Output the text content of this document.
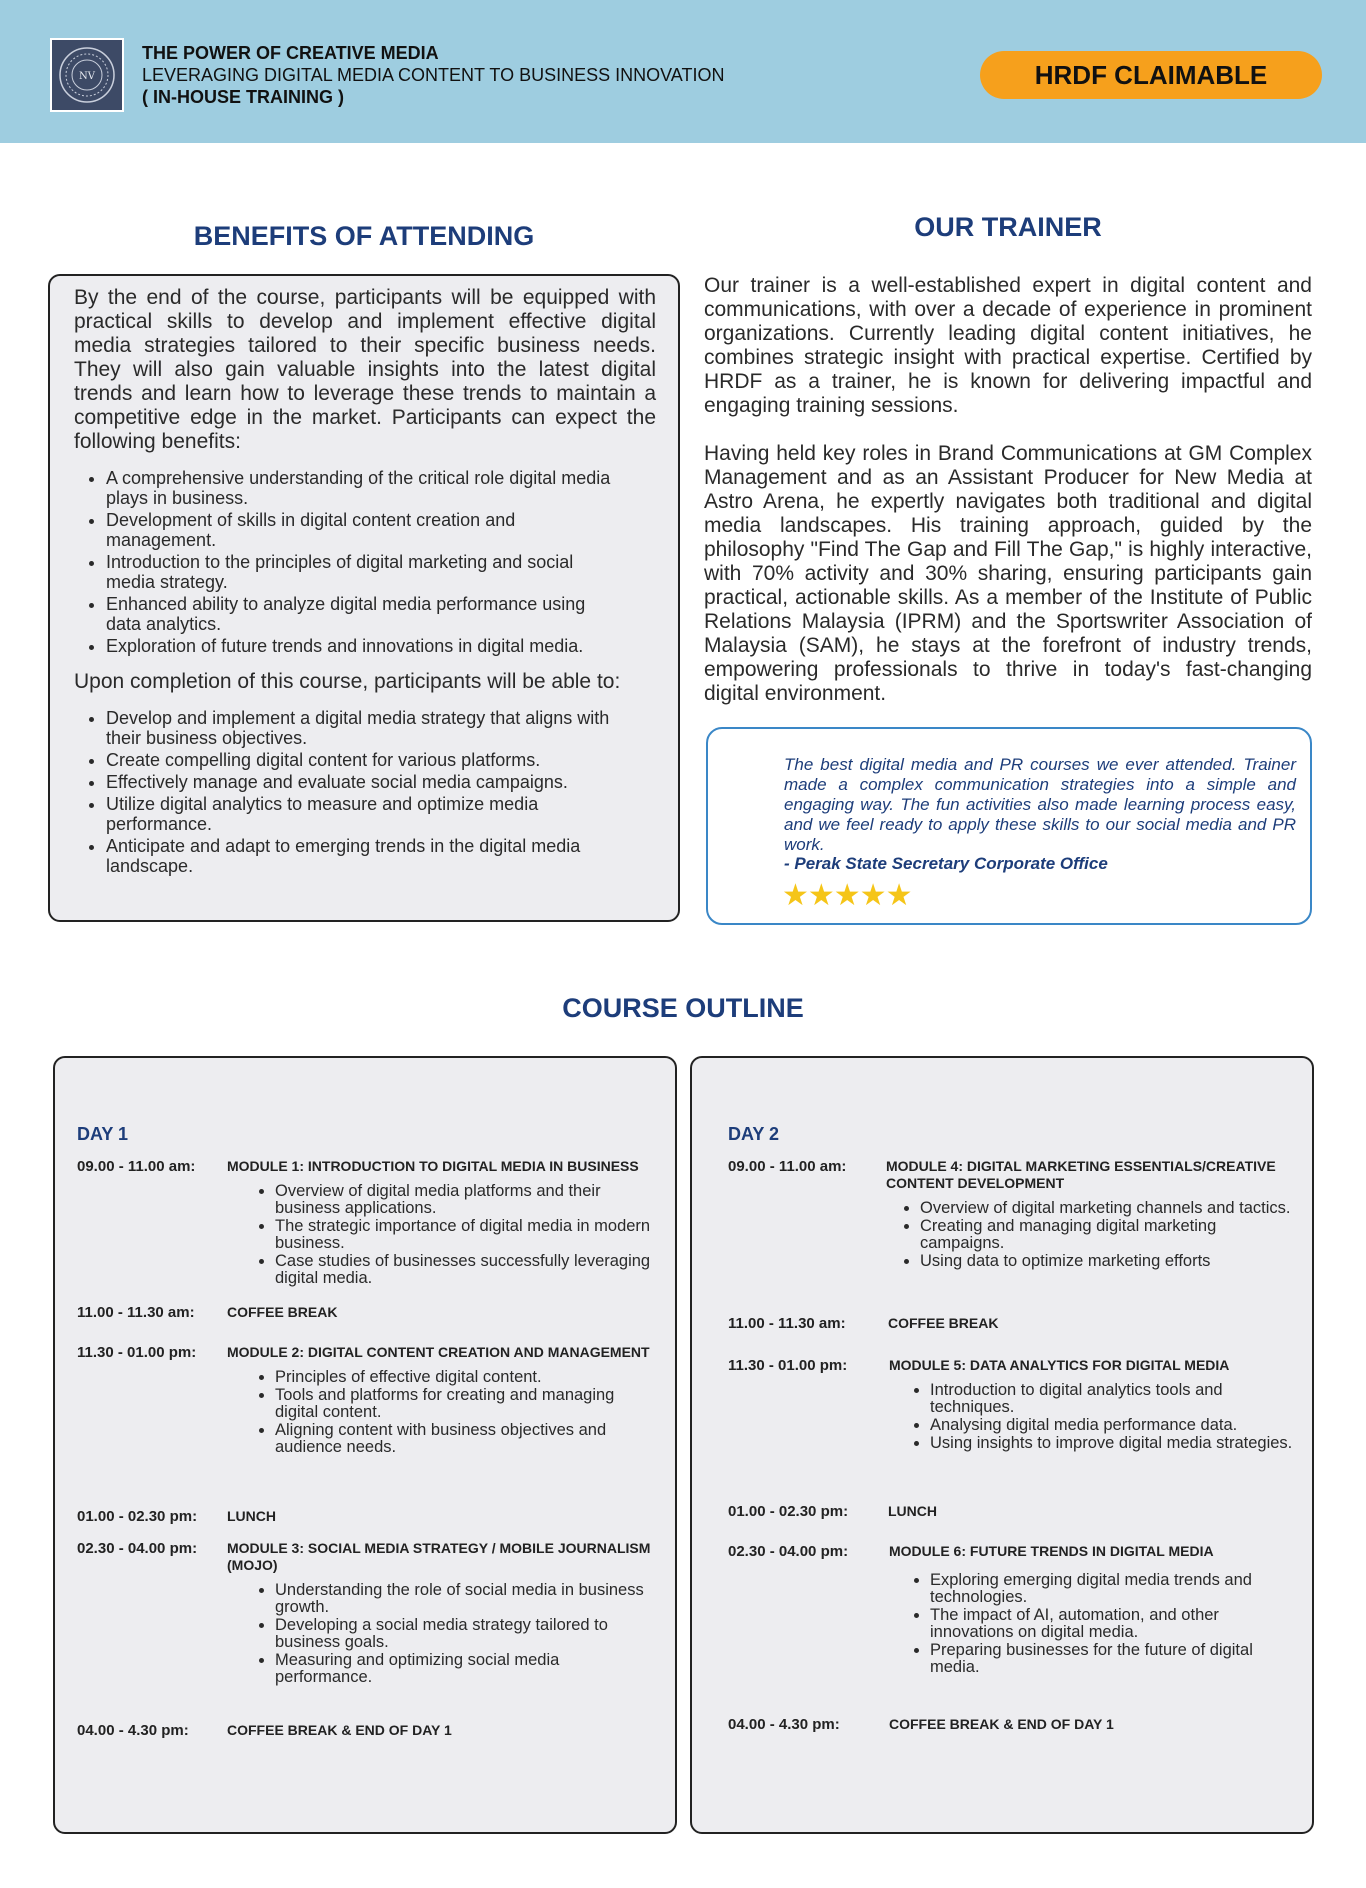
NV
THE POWER OF CREATIVE MEDIA
LEVERAGING DIGITAL MEDIA CONTENT TO BUSINESS INNOVATION
( IN-HOUSE TRAINING )
HRDF CLAIMABLE
BENEFITS OF ATTENDING

By the end of the course, participants will be equipped with practical skills to develop and implement effective digital media strategies tailored to their specific business needs. They will also gain valuable insights into the latest digital trends and learn how to leverage these trends to maintain a competitive edge in the market. Participants can expect the following benefits:

• A comprehensive understanding of the critical role digital media plays in business.
• Development of skills in digital content creation and management.
• Introduction to the principles of digital marketing and social media strategy.
• Enhanced ability to analyze digital media performance using data analytics.
• Exploration of future trends and innovations in digital media.

Upon completion of this course, participants will be able to:

• Develop and implement a digital media strategy that aligns with their business objectives.
• Create compelling digital content for various platforms.
• Effectively manage and evaluate social media campaigns.
• Utilize digital analytics to measure and optimize media performance.
• Anticipate and adapt to emerging trends in the digital media landscape.
OUR TRAINER

Our trainer is a well-established expert in digital content and communications, with over a decade of experience in prominent organizations. Currently leading digital content initiatives, he combines strategic insight with practical expertise. Certified by HRDF as a trainer, he is known for delivering impactful and engaging training sessions.

Having held key roles in Brand Communications at GM Complex Management and as an Assistant Producer for New Media at Astro Arena, he expertly navigates both traditional and digital media landscapes. His training approach, guided by the philosophy "Find The Gap and Fill The Gap," is highly interactive, with 70% activity and 30% sharing, ensuring participants gain practical, actionable skills. As a member of the Institute of Public Relations Malaysia (IPRM) and the Sportswriter Association of Malaysia (SAM), he stays at the forefront of industry trends, empowering professionals to thrive in today's fast-changing digital environment.

The best digital media and PR courses we ever attended. Trainer made a complex communication strategies into a simple and engaging way. The fun activities also made learning process easy, and we feel ready to apply these skills to our social media and PR work.
- Perak State Secretary Corporate Office
★★★★★
COURSE OUTLINE
DAY 1
09.00 - 11.00 am:	MODULE 1: INTRODUCTION TO DIGITAL MEDIA IN BUSINESS
• Overview of digital media platforms and their business applications.
• The strategic importance of digital media in modern business.
• Case studies of businesses successfully leveraging digital media.
11.00 - 11.30 am:	COFFEE BREAK
11.30 - 01.00 pm:	MODULE 2: DIGITAL CONTENT CREATION AND MANAGEMENT
• Principles of effective digital content.
• Tools and platforms for creating and managing digital content.
• Aligning content with business objectives and audience needs.
01.00 - 02.30 pm:	LUNCH
02.30 - 04.00 pm:	MODULE 3: SOCIAL MEDIA STRATEGY / MOBILE JOURNALISM (MOJO)
• Understanding the role of social media in business growth.
• Developing a social media strategy tailored to business goals.
• Measuring and optimizing social media performance.
04.00 - 4.30 pm:	COFFEE BREAK & END OF DAY 1
DAY 2
09.00 - 11.00 am:	MODULE 4: DIGITAL MARKETING ESSENTIALS/CREATIVE CONTENT DEVELOPMENT
• Overview of digital marketing channels and tactics.
• Creating and managing digital marketing campaigns.
• Using data to optimize marketing efforts
11.00 - 11.30 am:	COFFEE BREAK
11.30 - 01.00 pm:	MODULE 5: DATA ANALYTICS FOR DIGITAL MEDIA
• Introduction to digital analytics tools and techniques.
• Analysing digital media performance data.
• Using insights to improve digital media strategies.
01.00 - 02.30 pm:	LUNCH
02.30 - 04.00 pm:	MODULE 6: FUTURE TRENDS IN DIGITAL MEDIA
• Exploring emerging digital media trends and technologies.
• The impact of AI, automation, and other innovations on digital media.
• Preparing businesses for the future of digital media.
04.00 - 4.30 pm:	COFFEE BREAK & END OF DAY 1
